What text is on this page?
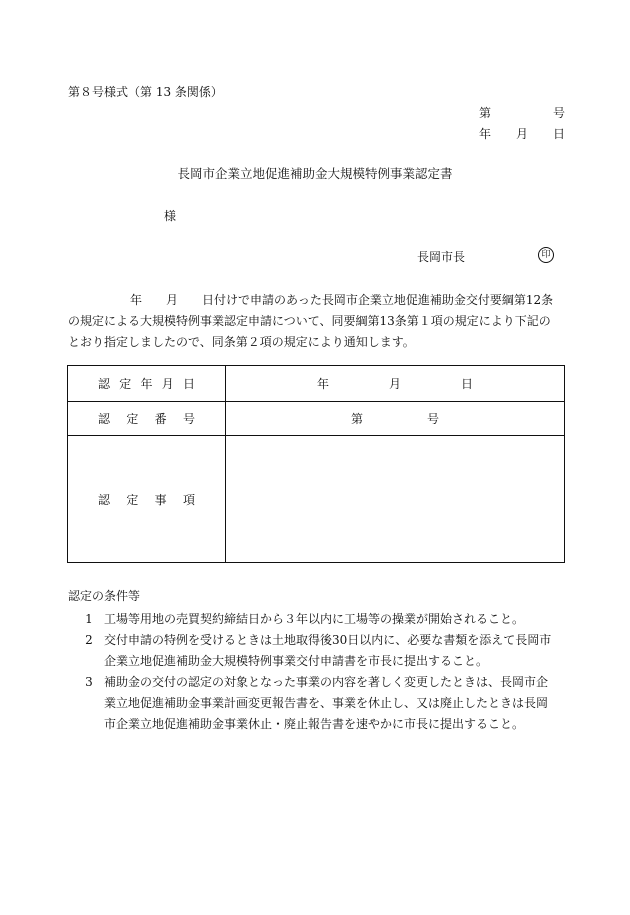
第８号様式（第 13 条関係）
第	号
年 月 日
長岡市企業立地促進補助金大規模特例事業認定書
様
長岡市長	印
年　　月　　日付けで申請のあった長岡市企業立地促進補助金交付要綱第12条
の規定による大規模特例事業認定申請について、同要綱第13条第１項の規定により下記の
とおり指定しましたので、同条第２項の規定により通知します。
認 定 年 月 日	年 月 日

認 定 番 号	第 号

認 定 事 項	

認定の条件等
1 工場等用地の売買契約締結日から３年以内に工場等の操業が開始されること。
2 交付申請の特例を受けるときは土地取得後30日以内に、必要な書類を添えて長岡市
企業立地促進補助金大規模特例事業交付申請書を市長に提出すること。
3 補助金の交付の認定の対象となった事業の内容を著しく変更したときは、長岡市企
業立地促進補助金事業計画変更報告書を、事業を休止し、又は廃止したときは長岡
市企業立地促進補助金事業休止・廃止報告書を速やかに市長に提出すること。
